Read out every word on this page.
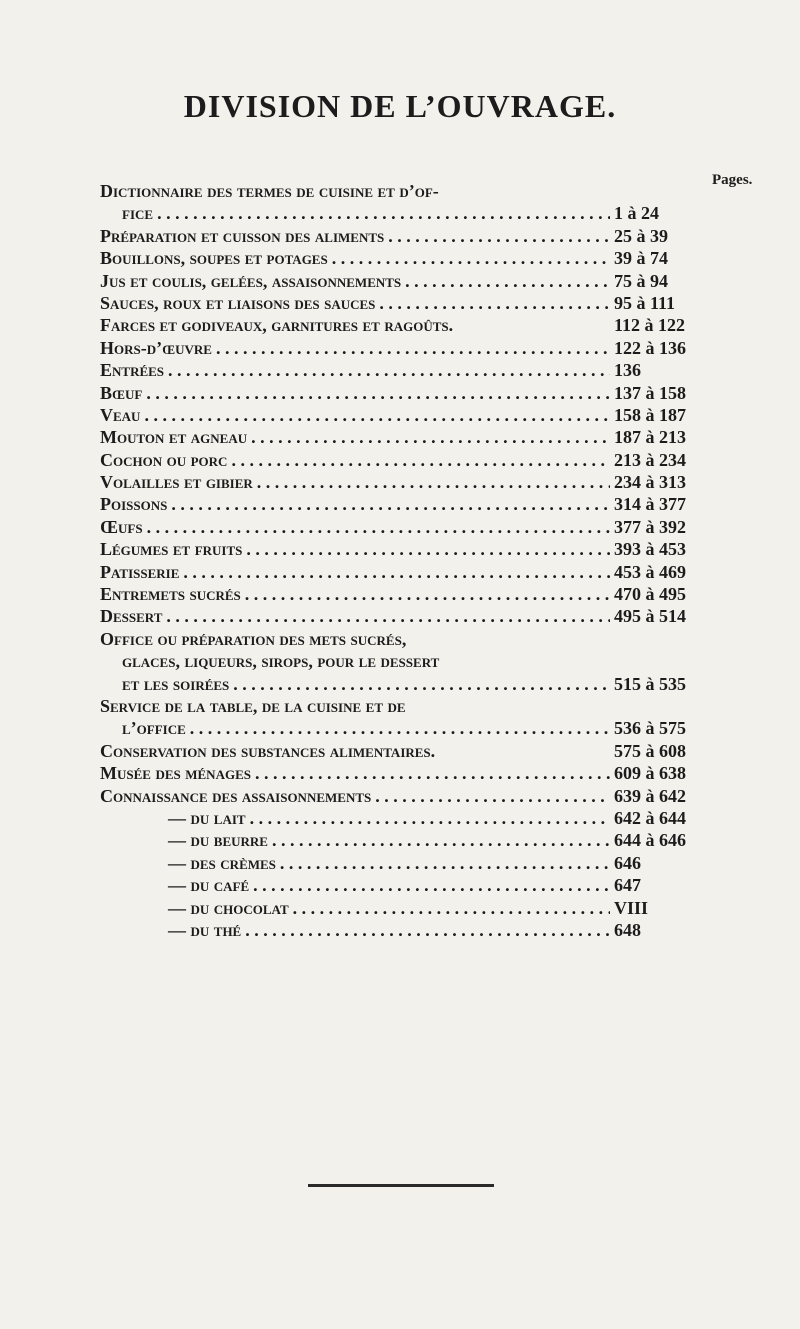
DIVISION DE L’OUVRAGE.
Pages.
Dictionnaire des termes de cuisine et d’of-
fice . . .	1 à 24
Préparation et cuisson des aliments . . .	25 à 39
Bouillons, soupes et potages . . .	39 à 74
Jus et coulis, gelées, assaisonnements . . .	75 à 94
Sauces, roux et liaisons des sauces . . .	95 à 111
Farces et godiveaux, garnitures et ragoûts.	112 à 122
Hors-d’œuvre . . .	122 à 136
Entrées . . .	136
Bœuf . . .	137 à 158
Veau . . .	158 à 187
Mouton et agneau . . .	187 à 213
Cochon ou porc . . .	213 à 234
Volailles et gibier . . .	234 à 313
Poissons . . .	314 à 377
Œufs . . .	377 à 392
Légumes et fruits . . .	393 à 453
Patisserie . . .	453 à 469
Entremets sucrés . . .	470 à 495
Dessert . . .	495 à 514
Office ou préparation des mets sucrés,
glaces, liqueurs, sirops, pour le dessert
et les soirées . . .	515 à 535
Service de la table, de la cuisine et de
l’office . . .	536 à 575
Conservation des substances alimentaires.	575 à 608
Musée des ménages . . .	609 à 638
Connaissance des assaisonnements . . .	639 à 642
— du lait . . .	642 à 644
— du beurre . . .	644 à 646
— des crèmes . . .	646
— du café . . .	647
— du chocolat . . .	VIII
— du thé . . .	648
